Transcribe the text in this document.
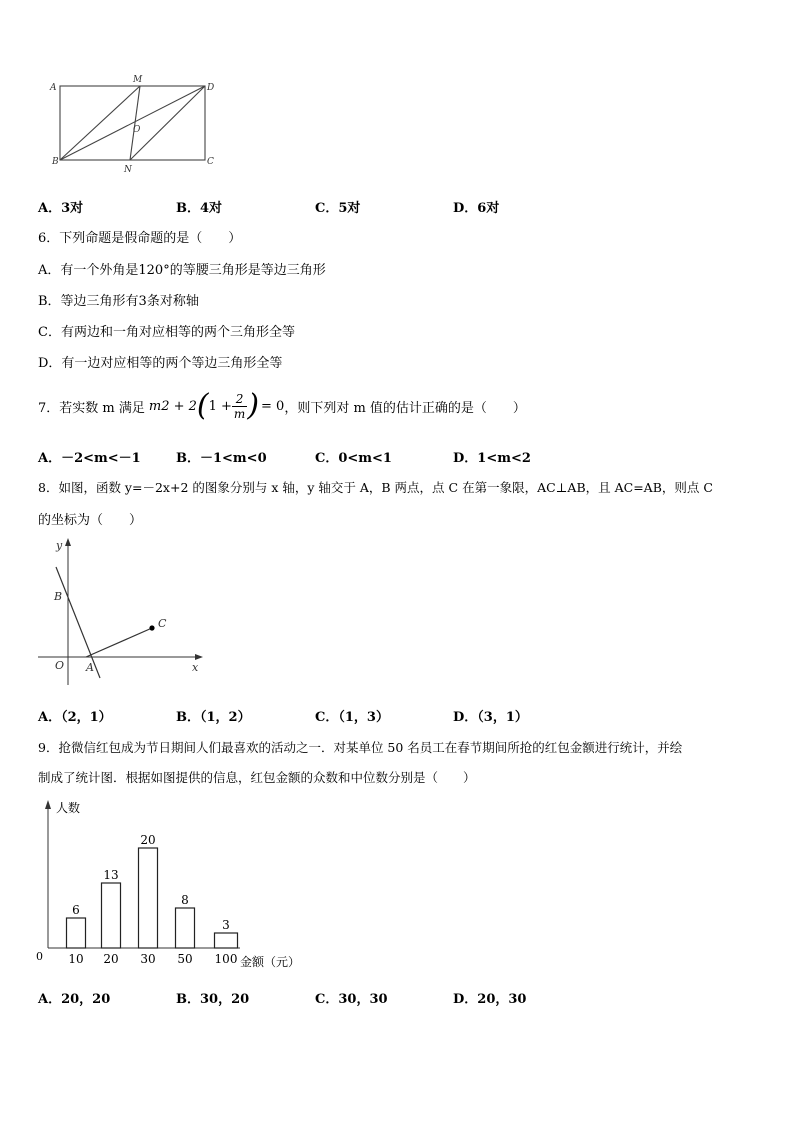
A
M
D
O
B
N
C
A．3对	B．4对	C．5对	D．6对
6．下列命题是假命题的是（　　）
A．有一个外角是120°的等腰三角形是等边三角形
B．等边三角形有3条对称轴
C．有两边和一角对应相等的两个三角形全等
D．有一边对应相等的两个等边三角形全等
7．若实数 m 满足 m2 + 2 ( $1 + \frac{2}{m}$ ) = 0 ，则下列对 m 值的估计正确的是（　　）
A．－2<m<－1	B．－1<m<0	C．0<m<1	D．1<m<2
8．如图，函数 y=－2x+2 的图象分别与 x 轴，y 轴交于 A，B 两点，点 C 在第一象限，AC⊥AB，且 AC=AB，则点 C
的坐标为（　　）
y
B
C
O A	x
A．（2，1）	B．（1，2）	C．（1，3）	D．（3，1）
9．抢微信红包成为节日期间人们最喜欢的活动之一．对某单位 50 名员工在春节期间所抢的红包金额进行统计，并绘
制成了统计图．根据如图提供的信息，红包金额的众数和中位数分别是（　　）
人数
0	金额（元）
6
10
13
20
20
30
8
50
3
100
A．20，20	B．30，20	C．30，30	D．20，30
